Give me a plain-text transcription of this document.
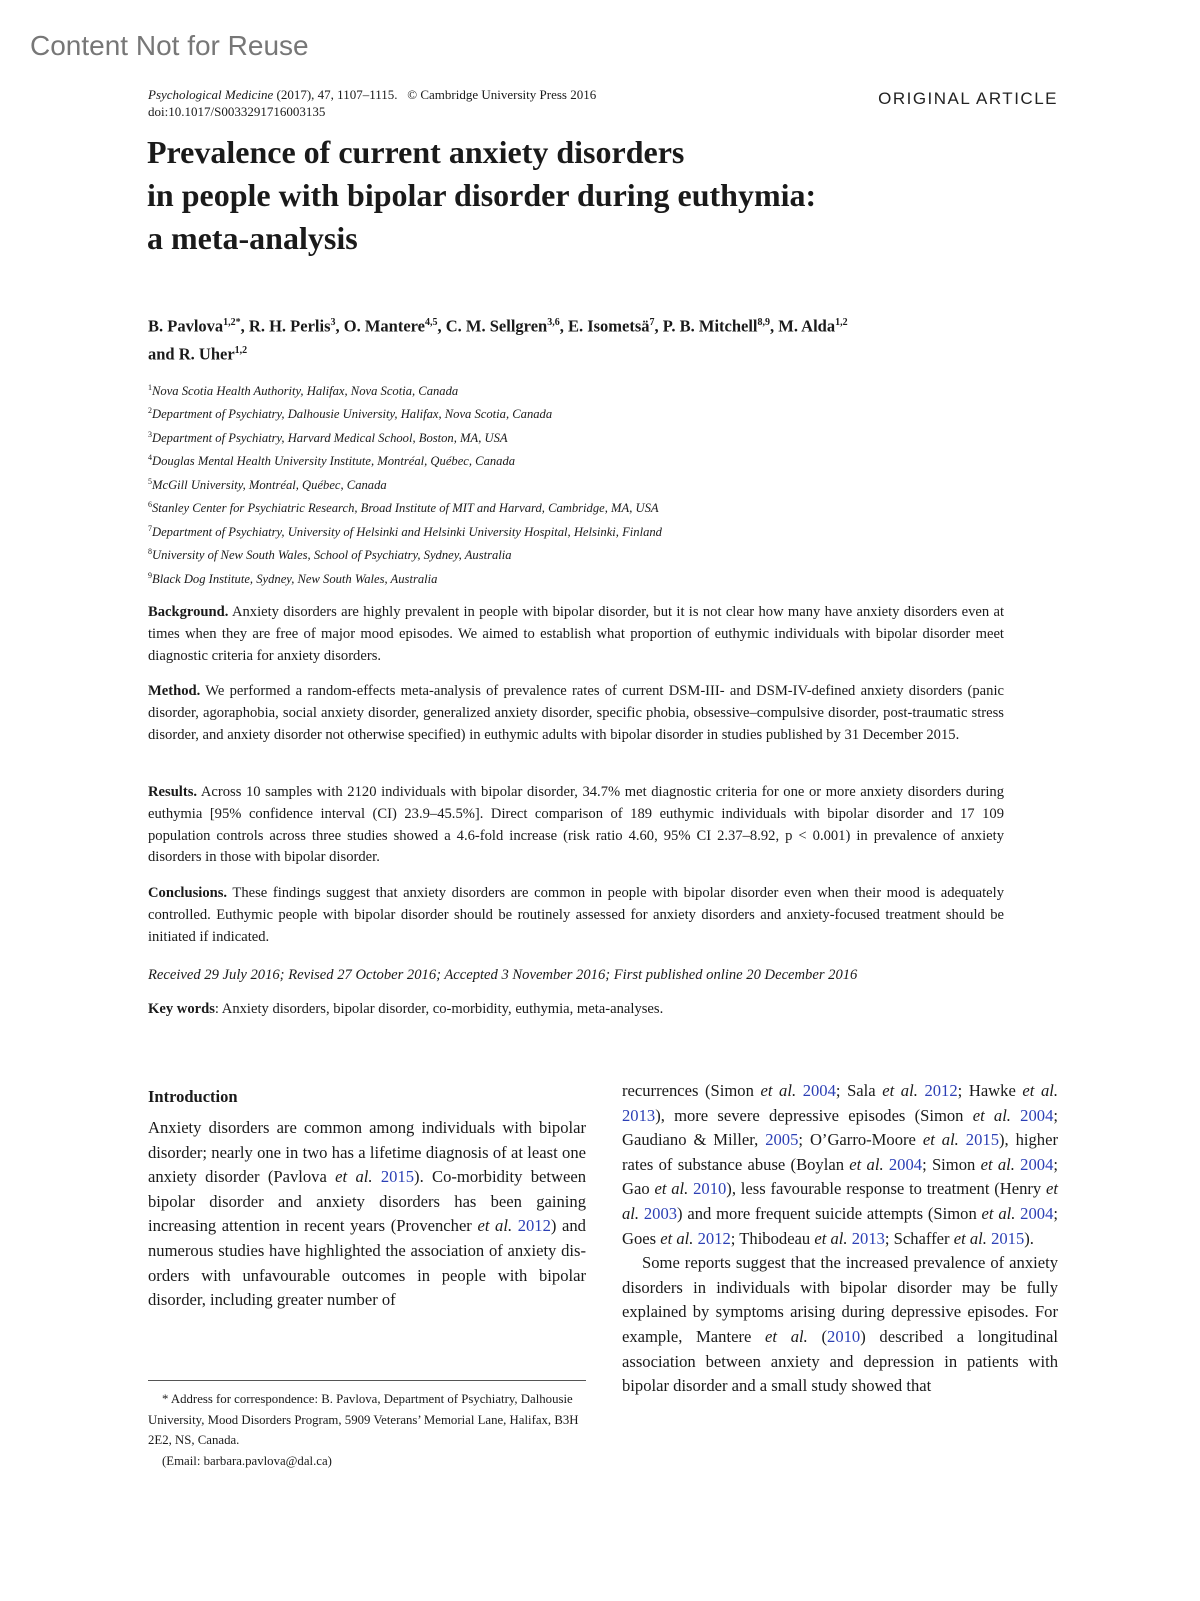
Content Not for Reuse
Psychological Medicine (2017), 47, 1107–1115. © Cambridge University Press 2016
doi:10.1017/S0033291716003135
ORIGINAL ARTICLE
Prevalence of current anxiety disorders
in people with bipolar disorder during euthymia:
a meta-analysis
B. Pavlova$^{1,2*}$, R. H. Perlis$^3$, O. Mantere$^{4,5}$, C. M. Sellgren$^{3,6}$, E. Isometsä$^7$, P. B. Mitchell$^{8,9}$, M. Alda$^{1,2}$
and R. Uher$^{1,2}$
$^1$Nova Scotia Health Authority, Halifax, Nova Scotia, Canada
$^2$Department of Psychiatry, Dalhousie University, Halifax, Nova Scotia, Canada
$^3$Department of Psychiatry, Harvard Medical School, Boston, MA, USA
$^4$Douglas Mental Health University Institute, Montréal, Québec, Canada
$^5$McGill University, Montréal, Québec, Canada
$^6$Stanley Center for Psychiatric Research, Broad Institute of MIT and Harvard, Cambridge, MA, USA
$^7$Department of Psychiatry, University of Helsinki and Helsinki University Hospital, Helsinki, Finland
$^8$University of New South Wales, School of Psychiatry, Sydney, Australia
$^9$Black Dog Institute, Sydney, New South Wales, Australia
Background. Anxiety disorders are highly prevalent in people with bipolar disorder, but it is not clear how many have anxiety disorders even at times when they are free of major mood episodes. We aimed to establish what proportion of euthymic individuals with bipolar disorder meet diagnostic criteria for anxiety disorders.
Method. We performed a random-effects meta-analysis of prevalence rates of current DSM-III- and DSM-IV-defined anxiety disorders (panic disorder, agoraphobia, social anxiety disorder, generalized anxiety disorder, specific phobia, obsessive–compulsive disorder, post-traumatic stress disorder, and anxiety disorder not otherwise specified) in euthymic adults with bipolar disorder in studies published by 31 December 2015.
Results. Across 10 samples with 2120 individuals with bipolar disorder, 34.7% met diagnostic criteria for one or more anxiety disorders during euthymia [95% confidence interval (CI) 23.9–45.5%]. Direct comparison of 189 euthymic individuals with bipolar disorder and 17 109 population controls across three studies showed a 4.6-fold increase (risk ratio 4.60, 95% CI 2.37–8.92, p < 0.001) in prevalence of anxiety disorders in those with bipolar disorder.
Conclusions. These findings suggest that anxiety disorders are common in people with bipolar disorder even when their mood is adequately controlled. Euthymic people with bipolar disorder should be routinely assessed for anxiety disorders and anxiety-focused treatment should be initiated if indicated.
Received 29 July 2016; Revised 27 October 2016; Accepted 3 November 2016; First published online 20 December 2016
Key words: Anxiety disorders, bipolar disorder, co-morbidity, euthymia, meta-analyses.
Introduction
Anxiety disorders are common among individuals with bipolar disorder; nearly one in two has a lifetime diagnosis of at least one anxiety disorder (Pavlova et al. 2015). Co-morbidity between bipolar disorder and anxiety disorders has been gaining increasing attention in recent years (Provencher et al. 2012) and numerous studies have highlighted the association of anxiety disorders with unfavourable outcomes in people with bipolar disorder, including greater number of
recurrences (Simon et al. 2004; Sala et al. 2012; Hawke et al. 2013), more severe depressive episodes (Simon et al. 2004; Gaudiano & Miller, 2005; O’Garro-Moore et al. 2015), higher rates of substance abuse (Boylan et al. 2004; Simon et al. 2004; Gao et al. 2010), less favourable response to treatment (Henry et al. 2003) and more frequent suicide attempts (Simon et al. 2004; Goes et al. 2012; Thibodeau et al. 2013; Schaffer et al. 2015).
Some reports suggest that the increased prevalence of anxiety disorders in individuals with bipolar disorder may be fully explained by symptoms arising during depressive episodes. For example, Mantere et al. (2010) described a longitudinal association between anxiety and depression in patients with bipolar disorder and a small study showed that
* Address for correspondence: B. Pavlova, Department of Psychiatry, Dalhousie University, Mood Disorders Program, 5909 Veterans’ Memorial Lane, Halifax, B3H 2E2, NS, Canada.
(Email: barbara.pavlova@dal.ca)
